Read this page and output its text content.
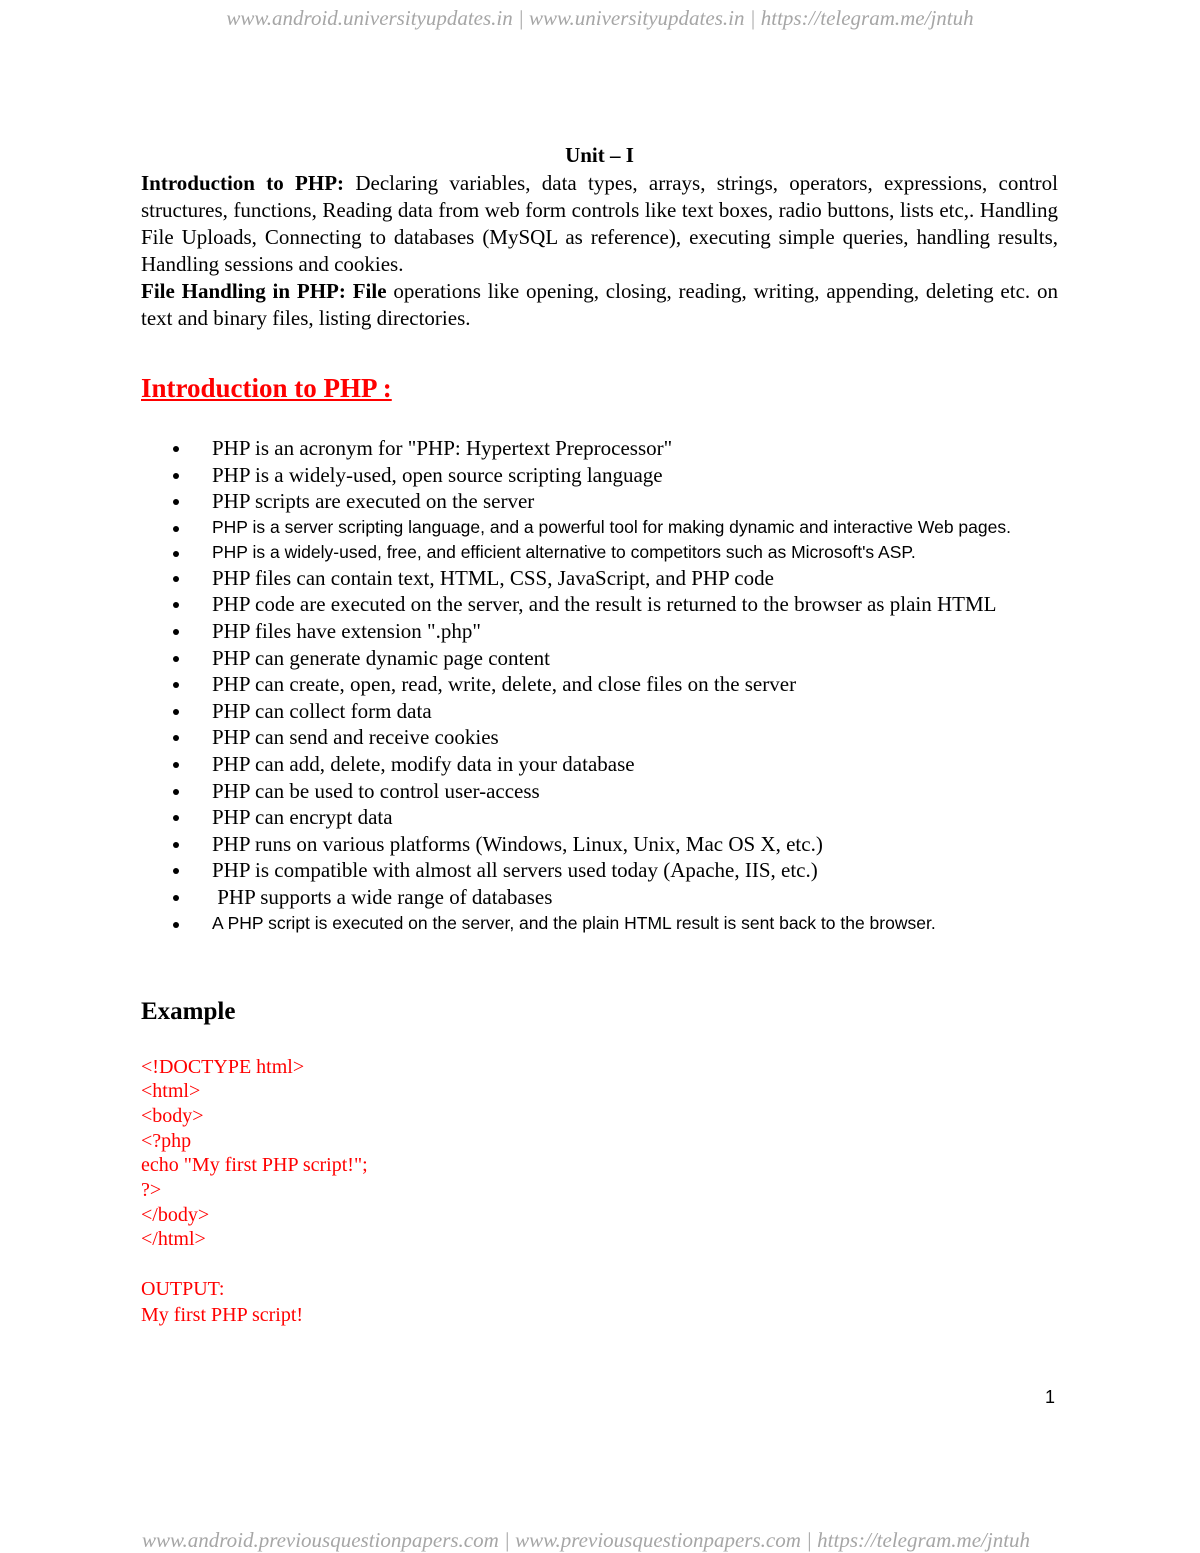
www.android.universityupdates.in | www.universityupdates.in | https://telegram.me/jntuh

Unit – I

Introduction to PHP: Declaring variables, data types, arrays, strings, operators, expressions, control structures, functions, Reading data from web form controls like text boxes, radio buttons, lists etc,. Handling File Uploads, Connecting to databases (MySQL as reference), executing simple queries, handling results, Handling sessions and cookies.

File Handling in PHP: File operations like opening, closing, reading, writing, appending, deleting etc. on text and binary files, listing directories.

Introduction to PHP :
PHP is an acronym for "PHP: Hypertext Preprocessor"
PHP is a widely-used, open source scripting language
PHP scripts are executed on the server
PHP is a server scripting language, and a powerful tool for making dynamic and interactive Web pages.
PHP is a widely-used, free, and efficient alternative to competitors such as Microsoft's ASP.
PHP files can contain text, HTML, CSS, JavaScript, and PHP code
PHP code are executed on the server, and the result is returned to the browser as plain HTML
PHP files have extension ".php"
PHP can generate dynamic page content
PHP can create, open, read, write, delete, and close files on the server
PHP can collect form data
PHP can send and receive cookies
PHP can add, delete, modify data in your database
PHP can be used to control user-access
PHP can encrypt data
PHP runs on various platforms (Windows, Linux, Unix, Mac OS X, etc.)
PHP is compatible with almost all servers used today (Apache, IIS, etc.)
PHP supports a wide range of databases
A PHP script is executed on the server, and the plain HTML result is sent back to the browser.
Example
<!DOCTYPE html>
<html>
<body>
<?php
echo "My first PHP script!";
?>
</body>
</html>

OUTPUT:

My first PHP script!

1
www.android.previousquestionpapers.com | www.previousquestionpapers.com | https://telegram.me/jntuh
